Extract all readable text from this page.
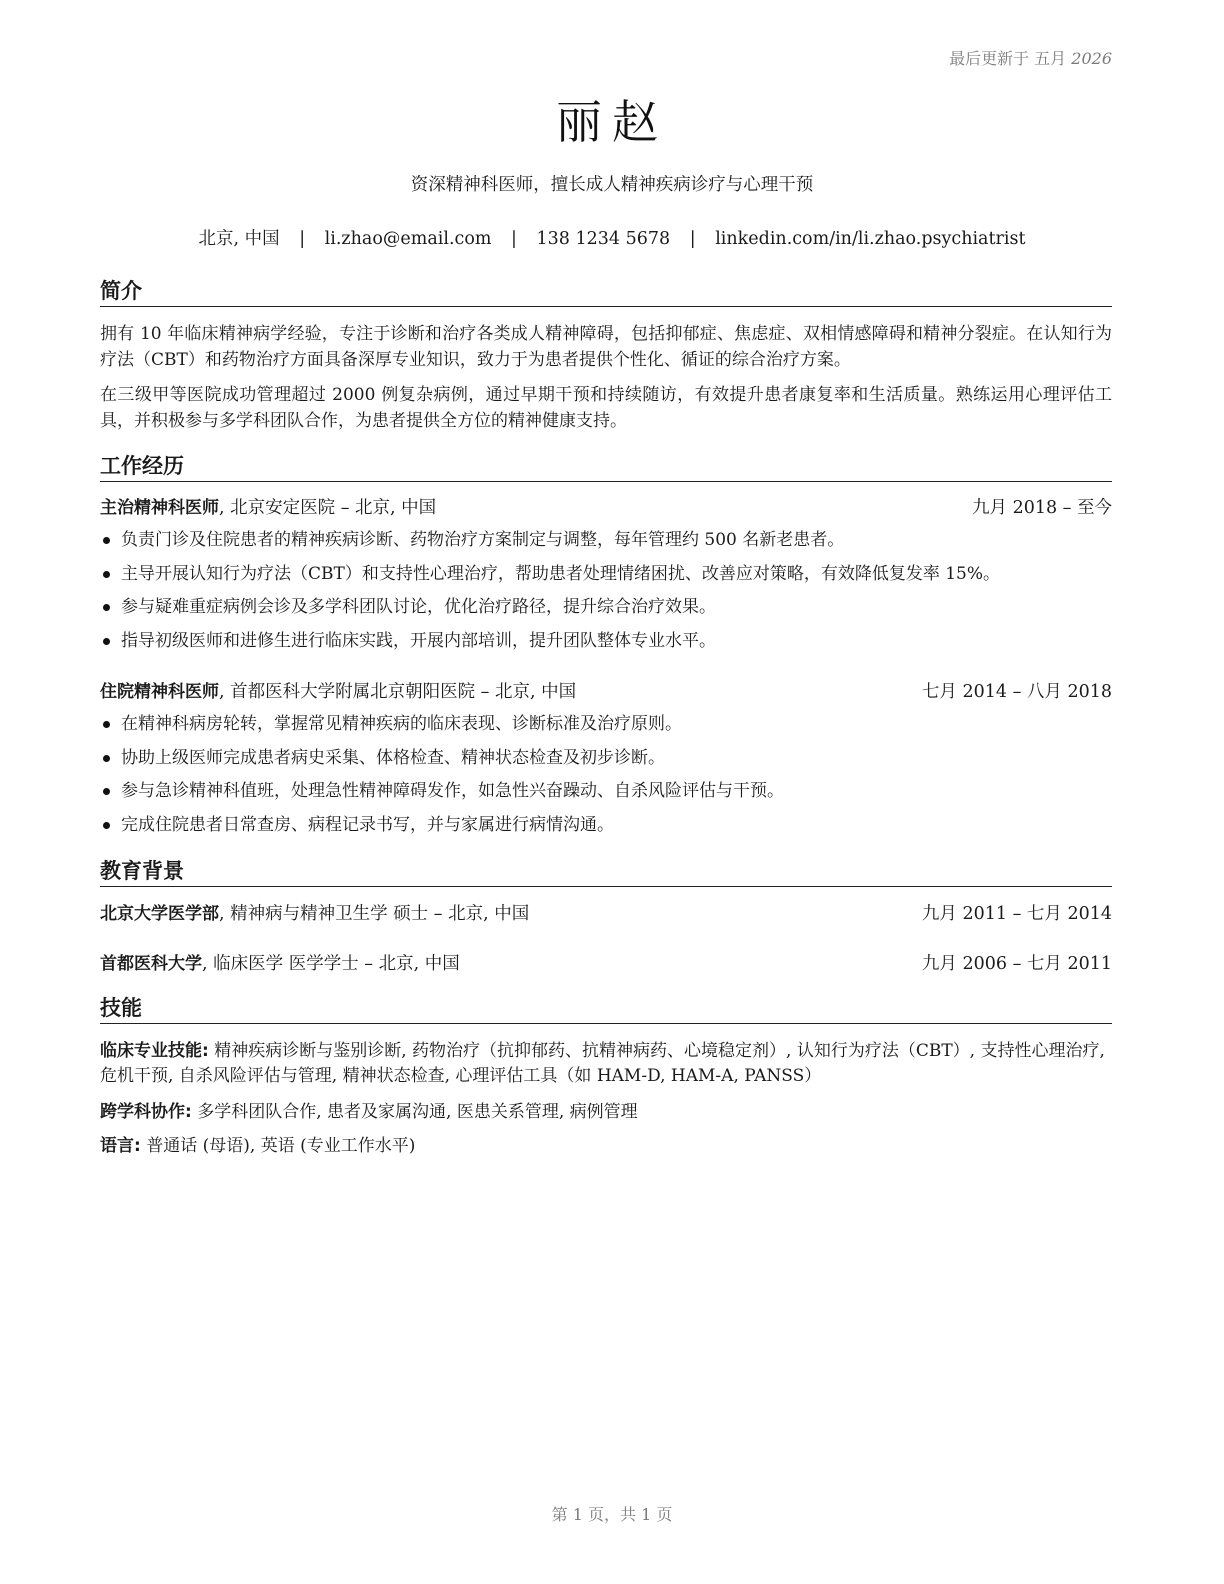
最后更新于 五月 2026
丽赵
资深精神科医师，擅长成人精神疾病诊疗与心理干预
北京, 中国 | li.zhao@email.com | 138 1234 5678 | linkedin.com/in/li.zhao.psychiatrist
简介
拥有 10 年临床精神病学经验，专注于诊断和治疗各类成人精神障碍，包括抑郁症、焦虑症、双相情感障碍和精神分裂症。在认知行为疗法（CBT）和药物治疗方面具备深厚专业知识，致力于为患者提供个性化、循证的综合治疗方案。
在三级甲等医院成功管理超过 2000 例复杂病例，通过早期干预和持续随访，有效提升患者康复率和生活质量。熟练运用心理评估工具，并积极参与多学科团队合作，为患者提供全方位的精神健康支持。
工作经历
主治精神科医师, 北京安定医院 – 北京, 中国	九月 2018 – 至今
负责门诊及住院患者的精神疾病诊断、药物治疗方案制定与调整，每年管理约 500 名新老患者。
主导开展认知行为疗法（CBT）和支持性心理治疗，帮助患者处理情绪困扰、改善应对策略，有效降低复发率 15%。
参与疑难重症病例会诊及多学科团队讨论，优化治疗路径，提升综合治疗效果。
指导初级医师和进修生进行临床实践，开展内部培训，提升团队整体专业水平。
住院精神科医师, 首都医科大学附属北京朝阳医院 – 北京, 中国	七月 2014 – 八月 2018
在精神科病房轮转，掌握常见精神疾病的临床表现、诊断标准及治疗原则。
协助上级医师完成患者病史采集、体格检查、精神状态检查及初步诊断。
参与急诊精神科值班，处理急性精神障碍发作，如急性兴奋躁动、自杀风险评估与干预。
完成住院患者日常查房、病程记录书写，并与家属进行病情沟通。
教育背景
北京大学医学部, 精神病与精神卫生学 硕士 – 北京, 中国	九月 2011 – 七月 2014
首都医科大学, 临床医学 医学学士 – 北京, 中国	九月 2006 – 七月 2011
技能
临床专业技能: 精神疾病诊断与鉴别诊断, 药物治疗（抗抑郁药、抗精神病药、心境稳定剂）, 认知行为疗法（CBT）, 支持性心理治疗, 危机干预, 自杀风险评估与管理, 精神状态检查, 心理评估工具（如 HAM-D, HAM-A, PANSS）
跨学科协作: 多学科团队合作, 患者及家属沟通, 医患关系管理, 病例管理
语言: 普通话 (母语), 英语 (专业工作水平)
第 1 页，共 1 页
